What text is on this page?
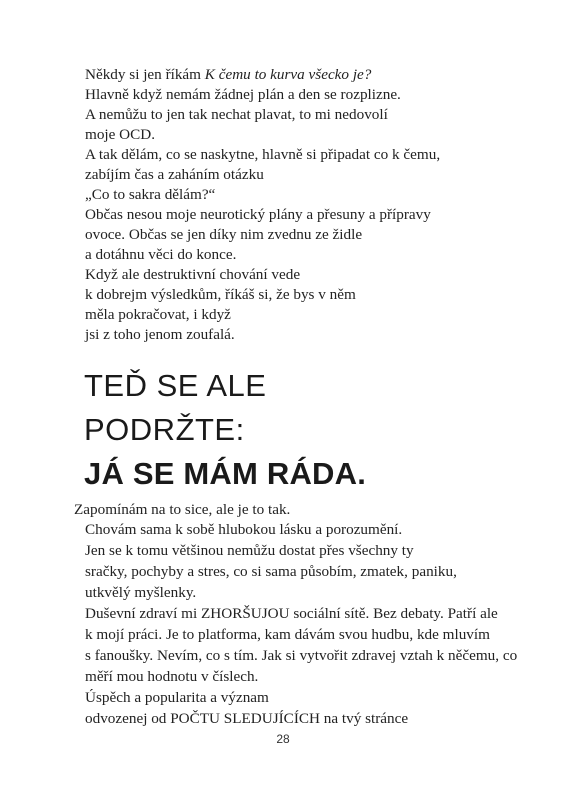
Někdy si jen říkám K čemu to kurva všecko je?
Hlavně když nemám žádnej plán a den se rozplizne.
A nemůžu to jen tak nechat plavat, to mi nedovolí
moje OCD.
A tak dělám, co se naskytne, hlavně si připadat co k čemu,
zabíjím čas a zaháním otázku
„Co to sakra dělám?“
Občas nesou moje neurotický plány a přesuny a přípravy
ovoce. Občas se jen díky nim zvednu ze židle
a dotáhnu věci do konce.
Když ale destruktivní chování vede
k dobrejm výsledkům, říkáš si, že bys v něm
měla pokračovat, i když
jsi z toho jenom zoufalá.
TEĎ SE ALE
PODRŽTE:
JÁ SE MÁM RÁDA.
Zapomínám na to sice, ale je to tak.
Chovám sama k sobě hlubokou lásku a porozumění.
Jen se k tomu většinou nemůžu dostat přes všechny ty
sračky, pochyby a stres, co si sama působím, zmatek, paniku,
utkvělý myšlenky.
Duševní zdraví mi ZHORŠUJOU sociální sítě. Bez debaty. Patří ale
k mojí práci. Je to platforma, kam dávám svou hudbu, kde mluvím
s fanoušky. Nevím, co s tím. Jak si vytvořit zdravej vztah k něčemu, co
měří mou hodnotu v číslech.
Úspěch a popularita a význam
odvozenej od POČTU SLEDUJÍCÍCH na tvý stránce
28
